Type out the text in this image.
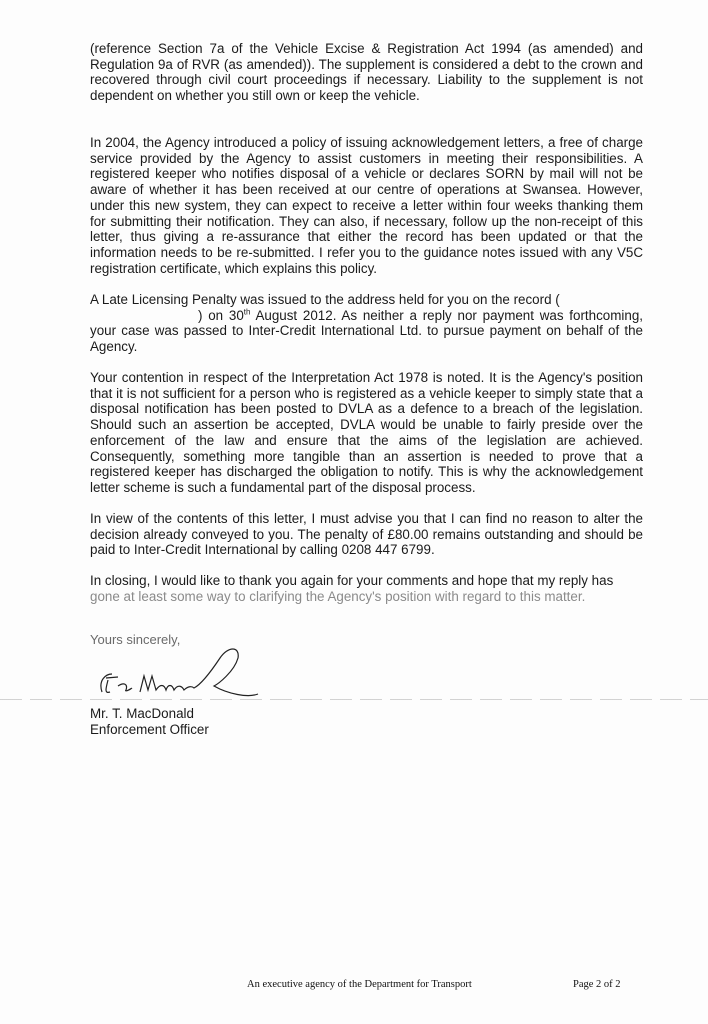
(reference Section 7a of the Vehicle Excise & Registration Act 1994 (as amended) and Regulation 9a of RVR (as amended)). The supplement is considered a debt to the crown and recovered through civil court proceedings if necessary. Liability to the supplement is not dependent on whether you still own or keep the vehicle.

In 2004, the Agency introduced a policy of issuing acknowledgement letters, a free of charge service provided by the Agency to assist customers in meeting their responsibilities. A registered keeper who notifies disposal of a vehicle or declares SORN by mail will not be aware of whether it has been received at our centre of operations at Swansea. However, under this new system, they can expect to receive a letter within four weeks thanking them for submitting their notification. They can also, if necessary, follow up the non-receipt of this letter, thus giving a re-assurance that either the record has been updated or that the information needs to be re-submitted. I refer you to the guidance notes issued with any V5C registration certificate, which explains this policy.

A Late Licensing Penalty was issued to the address held for you on the record (
) on 30th August 2012. As neither a reply nor payment was forthcoming, your case was passed to Inter-Credit International Ltd. to pursue payment on behalf of the Agency.

Your contention in respect of the Interpretation Act 1978 is noted. It is the Agency's position that it is not sufficient for a person who is registered as a vehicle keeper to simply state that a disposal notification has been posted to DVLA as a defence to a breach of the legislation. Should such an assertion be accepted, DVLA would be unable to fairly preside over the enforcement of the law and ensure that the aims of the legislation are achieved. Consequently, something more tangible than an assertion is needed to prove that a registered keeper has discharged the obligation to notify. This is why the acknowledgement letter scheme is such a fundamental part of the disposal process.

In view of the contents of this letter, I must advise you that I can find no reason to alter the decision already conveyed to you. The penalty of £80.00 remains outstanding and should be paid to Inter-Credit International by calling 0208 447 6799.

In closing, I would like to thank you again for your comments and hope that my reply has
gone at least some way to clarifying the Agency's position with regard to this matter.

Yours sincerely,
Mr. T. MacDonald
Enforcement Officer
An executive agency of the Department for Transport	Page 2 of 2
